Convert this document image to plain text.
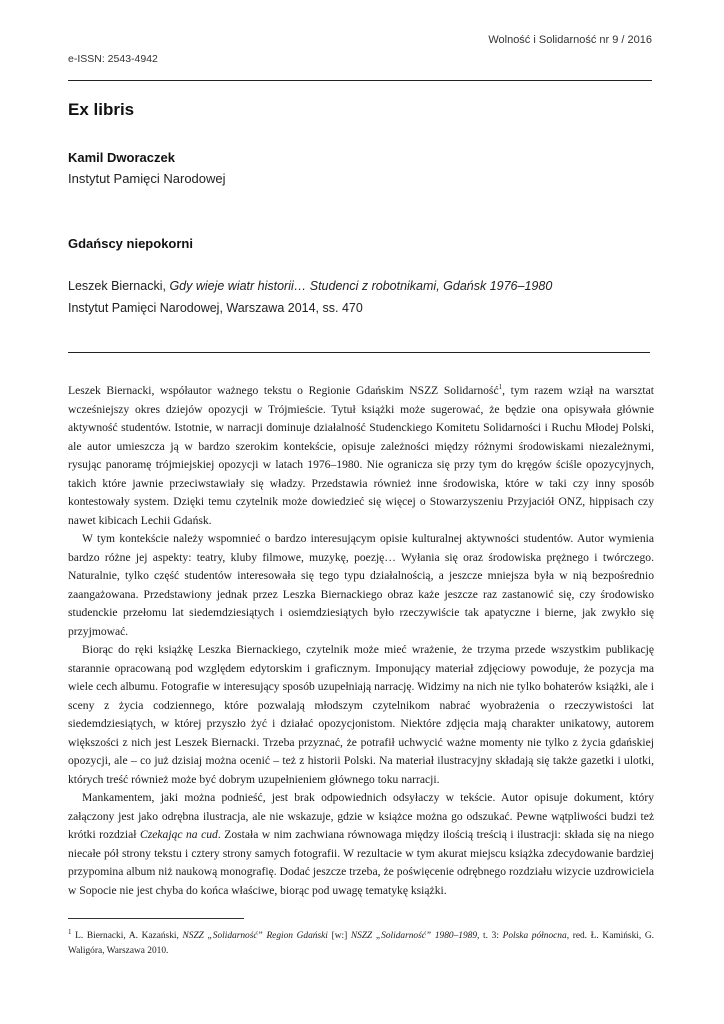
Wolność i Solidarność nr 9 / 2016
e-ISSN: 2543-4942
Ex libris
Kamil Dworaczek
Instytut Pamięci Narodowej
Gdańscy niepokorni
Leszek Biernacki, Gdy wieje wiatr historii… Studenci z robotnikami, Gdańsk 1976–1980
Instytut Pamięci Narodowej, Warszawa 2014, ss. 470

Leszek Biernacki, współautor ważnego tekstu o Regionie Gdańskim NSZZ Solidarność$^1$, tym razem wziął na warsztat wcześniejszy okres dziejów opozycji w Trójmieście. Tytuł książki może sugerować, że będzie ona opisywała głównie aktywność studentów. Istotnie, w narracji dominuje działalność Studenckiego Komitetu Solidarności i Ruchu Młodej Polski, ale autor umieszcza ją w bardzo szerokim kontekście, opisuje zależności między różnymi środowiskami niezależnymi, rysując panoramę trójmiejskiej opozycji w latach 1976–1980. Nie ogranicza się przy tym do kręgów ściśle opozycyjnych, takich które jawnie przeciwstawiały się władzy. Przedstawia również inne środowiska, które w taki czy inny sposób kontestowały system. Dzięki temu czytelnik może dowiedzieć się więcej o Stowarzyszeniu Przyjaciół ONZ, hippisach czy nawet kibicach Lechii Gdańsk.

W tym kontekście należy wspomnieć o bardzo interesującym opisie kulturalnej aktywności studentów. Autor wymienia bardzo różne jej aspekty: teatry, kluby filmowe, muzykę, poezję… Wyłania się oraz środowiska prężnego i twórczego. Naturalnie, tylko część studentów interesowała się tego typu działalnością, a jeszcze mniejsza była w nią bezpośrednio zaangażowana. Przedstawiony jednak przez Leszka Biernackiego obraz każe jeszcze raz zastanowić się, czy środowisko studenckie przełomu lat siedemdziesiątych i osiemdziesiątych było rzeczywiście tak apatyczne i bierne, jak zwykło się przyjmować.

Biorąc do ręki książkę Leszka Biernackiego, czytelnik może mieć wrażenie, że trzyma przede wszystkim publikację starannie opracowaną pod względem edytorskim i graficznym. Imponujący materiał zdjęciowy powoduje, że pozycja ma wiele cech albumu. Fotografie w interesujący sposób uzupełniają narrację. Widzimy na nich nie tylko bohaterów książki, ale i sceny z życia codziennego, które pozwalają młodszym czytelnikom nabrać wyobrażenia o rzeczywistości lat siedemdziesiątych, w której przyszło żyć i działać opozycjonistom. Niektóre zdjęcia mają charakter unikatowy, autorem większości z nich jest Leszek Biernacki. Trzeba przyznać, że potrafił uchwycić ważne momenty nie tylko z życia gdańskiej opozycji, ale – co już dzisiaj można ocenić – też z historii Polski. Na materiał ilustracyjny składają się także gazetki i ulotki, których treść również może być dobrym uzupełnieniem głównego toku narracji.

Mankamentem, jaki można podnieść, jest brak odpowiednich odsyłaczy w tekście. Autor opisuje dokument, który załączony jest jako odrębna ilustracja, ale nie wskazuje, gdzie w książce można go odszukać. Pewne wątpliwości budzi też krótki rozdział Czekając na cud. Została w nim zachwiana równowaga między ilością treścią i ilustracji: składa się na niego niecałe pół strony tekstu i cztery strony samych fotografii. W rezultacie w tym akurat miejscu książka zdecydowanie bardziej przypomina album niż naukową monografię. Dodać jeszcze trzeba, że poświęcenie odrębnego rozdziału wizycie uzdrowiciela w Sopocie nie jest chyba do końca właściwe, biorąc pod uwagę tematykę książki.

$^1$ L. Biernacki, A. Kazański, NSZZ „Solidarność” Region Gdański [w:] NSZZ „Solidarność” 1980–1989, t. 3: Polska północna, red. Ł. Kamiński, G. Waligóra, Warszawa 2010.
